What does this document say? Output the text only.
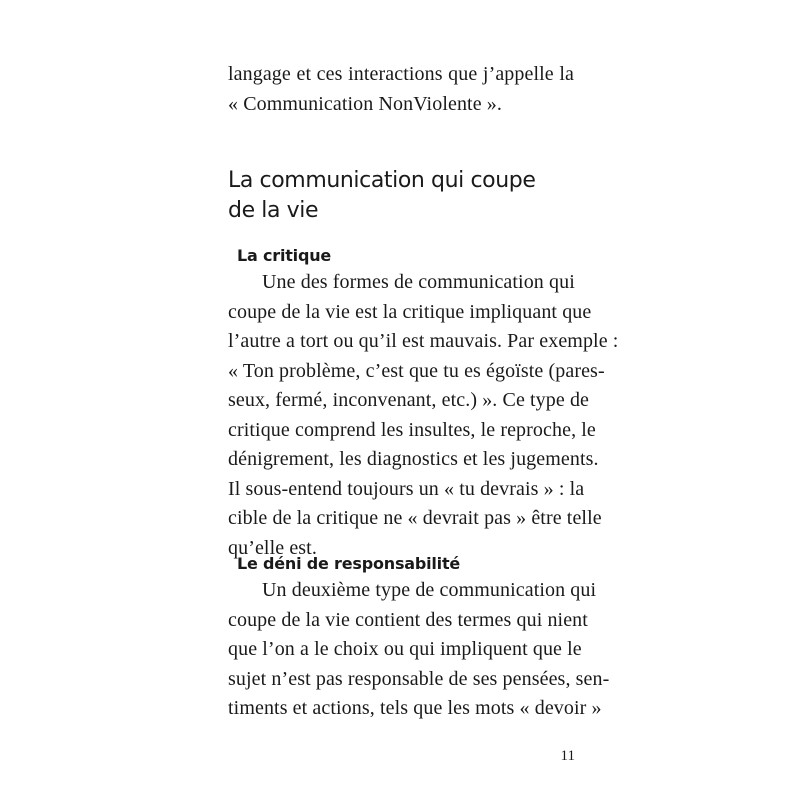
langage et ces interactions que j’appelle la
« Communication NonViolente ».

La communication qui coupe
de la vie
La critique
Une des formes de communication qui
coupe de la vie est la critique impliquant que
l’autre a tort ou qu’il est mauvais. Par exemple :
« Ton problème, c’est que tu es égoïste (pares-
seux, fermé, inconvenant, etc.) ». Ce type de
critique comprend les insultes, le reproche, le
dénigrement, les diagnostics et les jugements.
Il sous-entend toujours un « tu devrais » : la
cible de la critique ne « devrait pas » être telle
qu’elle est.
Le déni de responsabilité
Un deuxième type de communication qui
coupe de la vie contient des termes qui nient
que l’on a le choix ou qui impliquent que le
sujet n’est pas responsable de ses pensées, sen-
timents et actions, tels que les mots « devoir »
11
